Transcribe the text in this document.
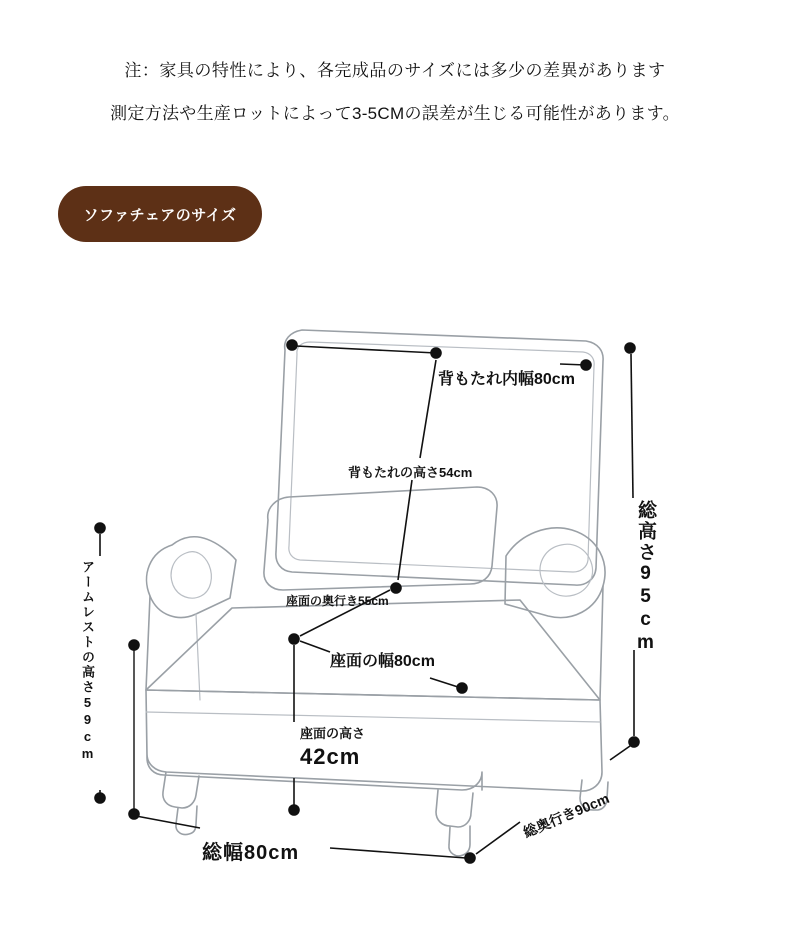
注：家具の特性により、各完成品のサイズには多少の差異があります
測定方法や生産ロットによって3-5CMの誤差が生じる可能性があります。
ソファチェアのサイズ
背もたれ内幅80cm
背もたれの高さ54cm
座面の奥行き55cm
座面の幅80cm
座面の高さ
42cm
総幅80cm
総奥行き90cm
総高さ95cm
アームレストの高さ59cm
